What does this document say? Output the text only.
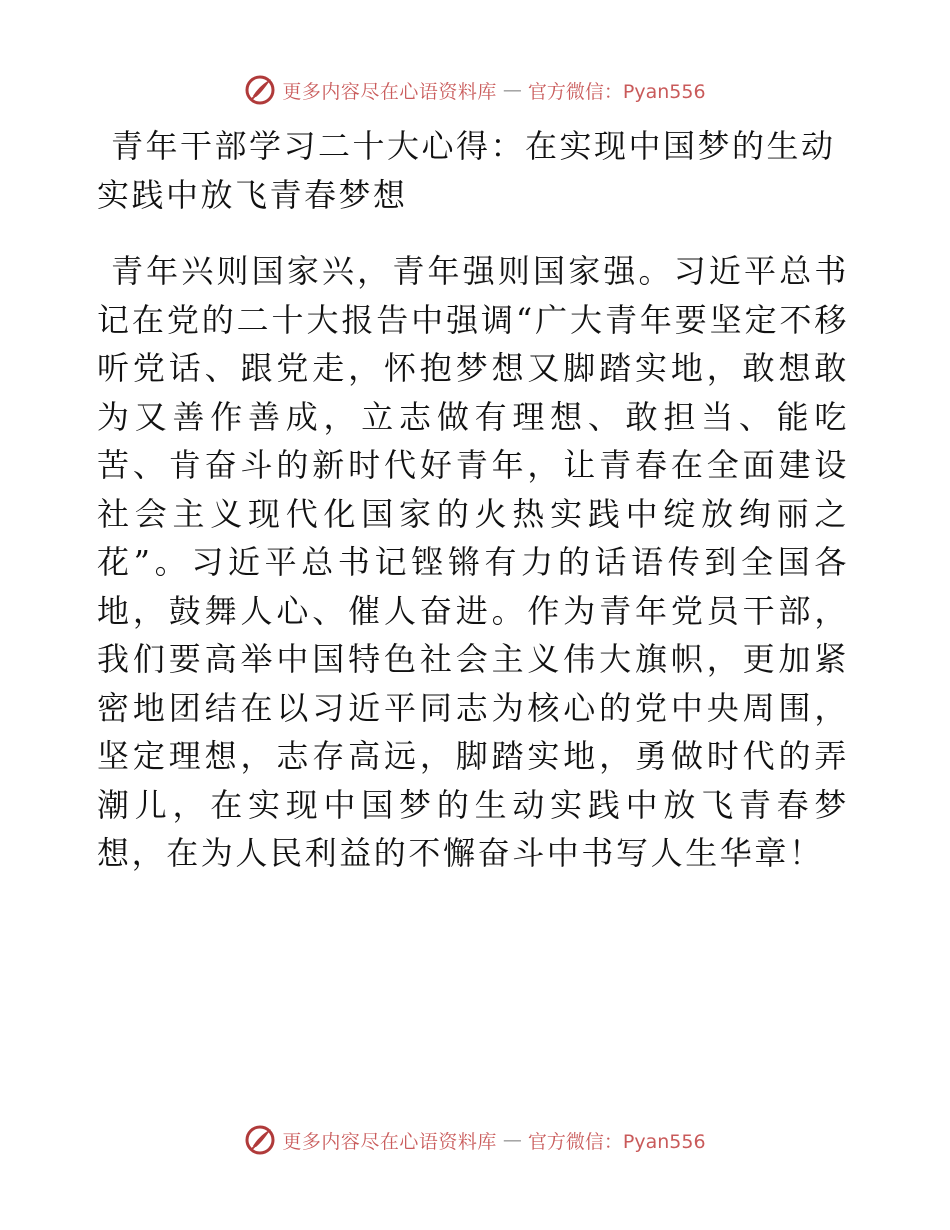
更多内容尽在心语资料库 — 官方微信：Pyan556
青年干部学习二十大心得：在实现中国梦的生动实践中放飞青春梦想

青年兴则国家兴，青年强则国家强。习近平总书记在党的二十大报告中强调“广大青年要坚定不移听党话、跟党走，怀抱梦想又脚踏实地，敢想敢为又善作善成，立志做有理想、敢担当、能吃苦、肯奋斗的新时代好青年，让青春在全面建设社会主义现代化国家的火热实践中绽放绚丽之花”。习近平总书记铿锵有力的话语传到全国各地，鼓舞人心、催人奋进。作为青年党员干部，我们要高举中国特色社会主义伟大旗帜，更加紧密地团结在以习近平同志为核心的党中央周围，坚定理想，志存高远，脚踏实地，勇做时代的弄潮儿，在实现中国梦的生动实践中放飞青春梦想，在为人民利益的不懈奋斗中书写人生华章！

更多内容尽在心语资料库 — 官方微信：Pyan556
